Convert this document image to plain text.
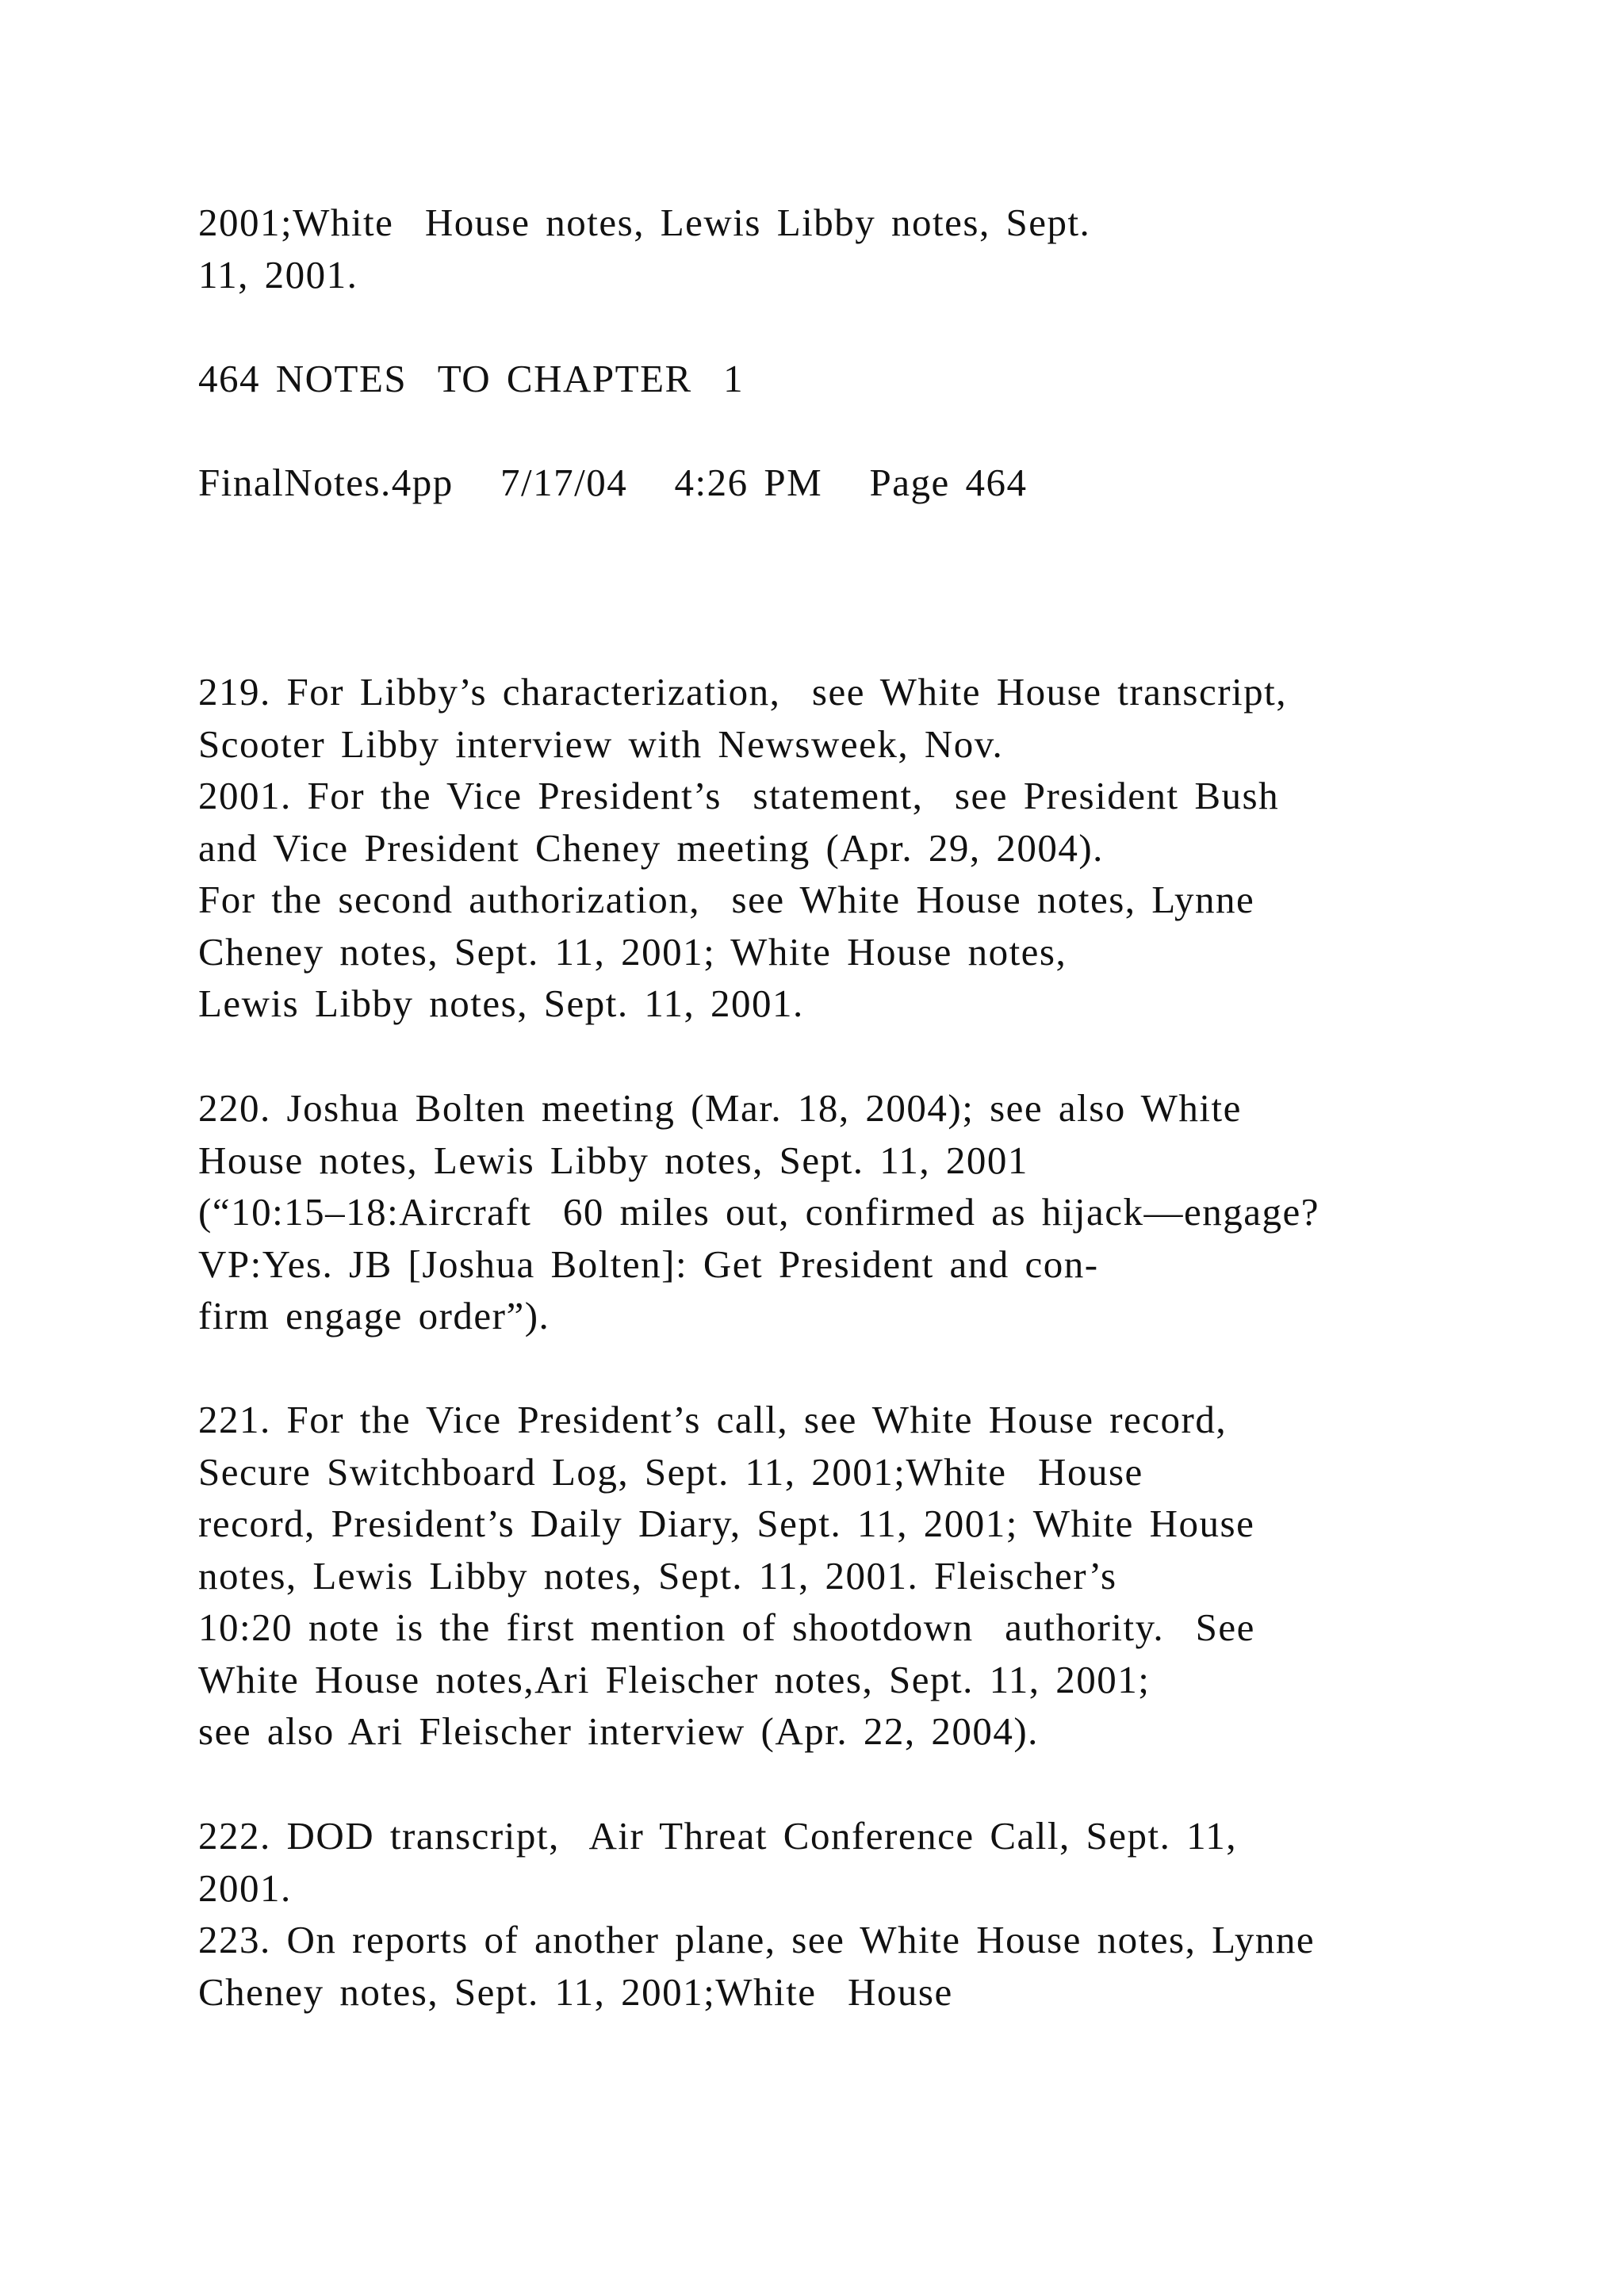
2001;White  House notes, Lewis Libby notes, Sept.
11, 2001.
464 NOTES  TO CHAPTER  1
FinalNotes.4pp   7/17/04   4:26 PM   Page 464
219. For Libby’s characterization,  see White House transcript,
Scooter Libby interview with Newsweek, Nov.
2001. For the Vice President’s  statement,  see President Bush
and Vice President Cheney meeting (Apr. 29, 2004).
For the second authorization,  see White House notes, Lynne
Cheney notes, Sept. 11, 2001; White House notes,
Lewis Libby notes, Sept. 11, 2001.
220. Joshua Bolten meeting (Mar. 18, 2004); see also White
House notes, Lewis Libby notes, Sept. 11, 2001
(“10:15–18:Aircraft  60 miles out, confirmed as hijack—engage?
VP:Yes. JB [Joshua Bolten]: Get President and con-
firm engage order”).
221. For the Vice President’s call, see White House record,
Secure Switchboard Log, Sept. 11, 2001;White  House
record, President’s Daily Diary, Sept. 11, 2001; White House
notes, Lewis Libby notes, Sept. 11, 2001. Fleischer’s
10:20 note is the first mention of shootdown  authority.  See
White House notes,Ari Fleischer notes, Sept. 11, 2001;
see also Ari Fleischer interview (Apr. 22, 2004).
222. DOD transcript,  Air Threat Conference Call, Sept. 11,
2001.
223. On reports of another plane, see White House notes, Lynne
Cheney notes, Sept. 11, 2001;White  House
